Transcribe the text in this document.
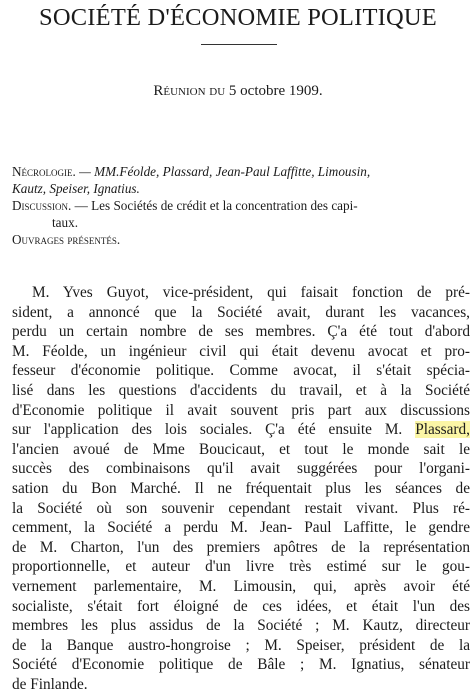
SOCIÉTÉ D'ÉCONOMIE POLITIQUE
Réunion du 5 octobre 1909.
Nécrologie. — MM.Féolde, Plassard, Jean-Paul Laffitte, Limousin,
Kautz, Speiser, Ignatius.
Discussion. — Les Sociétés de crédit et la concentration des capi-
taux.
Ouvrages présentés.
M. Yves Guyot, vice-président, qui faisait fonction de pré-
sident, a annoncé que la Société avait, durant les vacances,
perdu un certain nombre de ses membres. Ç'a été tout d'abord
M. Féolde, un ingénieur civil qui était devenu avocat et pro-
fesseur d'économie politique. Comme avocat, il s'était spécia-
lisé dans les questions d'accidents du travail, et à la Société
d'Economie politique il avait souvent pris part aux discussions
sur l'application des lois sociales. Ç'a été ensuite M. Plassard,
l'ancien avoué de Mme Boucicaut, et tout le monde sait le
succès des combinaisons qu'il avait suggérées pour l'organi-
sation du Bon Marché. Il ne fréquentait plus les séances de
la Société où son souvenir cependant restait vivant. Plus ré-
cemment, la Société a perdu M. Jean- Paul Laffitte, le gendre
de M. Charton, l'un des premiers apôtres de la représentation
proportionnelle, et auteur d'un livre très estimé sur le gou-
vernement parlementaire, M. Limousin, qui, après avoir été
socialiste, s'était fort éloigné de ces idées, et était l'un des
membres les plus assidus de la Société ; M. Kautz, directeur
de la Banque austro-hongroise ; M. Speiser, président de la
Société d'Economie politique de Bâle ; M. Ignatius, sénateur
de Finlande.
